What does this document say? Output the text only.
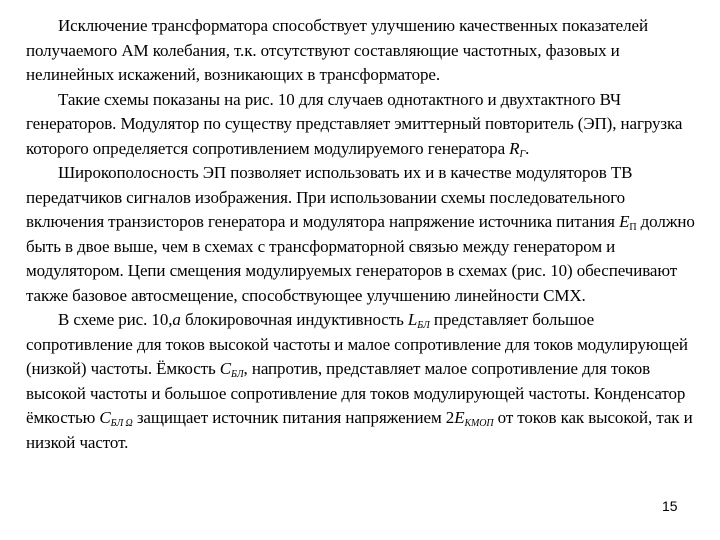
Исключение трансформатора способствует улучшению качественных показателей получаемого АМ колебания, т.к. отсутствуют составляющие частотных, фазовых и нелинейных искажений, возникающих в трансформаторе.

Такие схемы показаны на рис. 10 для случаев однотактного и двухтактного ВЧ генераторов. Модулятор по существу представляет эмиттерный повторитель (ЭП), нагрузка которого определяется сопротивлением модулируемого генератора $R_Г$.

Широкополосность ЭП позволяет использовать их и в качестве модуляторов ТВ передатчиков сигналов изображения. При использовании схемы последовательного включения транзисторов генератора и модулятора напряжение источника питания $E_П$ должно быть в двое выше, чем в схемах с трансформаторной связью между генератором и модулятором. Цепи смещения модулируемых генераторов в схемах (рис. 10) обеспечивают также базовое автосмещение, способствующее улучшению линейности СМХ.

В схеме рис. 10,а блокировочная индуктивность $L_{БЛ}$ представляет большое сопротивление для токов высокой частоты и малое сопротивление для токов модулирующей (низкой) частоты. Ёмкость $C_{БЛ}$, напротив, представляет малое сопротивление для токов высокой частоты и большое сопротивление для токов модулирующей частоты. Конденсатор ёмкостью $C_{БЛ \Omega}$ защищает источник питания напряжением $2E_{КМОП}$ от токов как высокой, так и низкой частот.

15
